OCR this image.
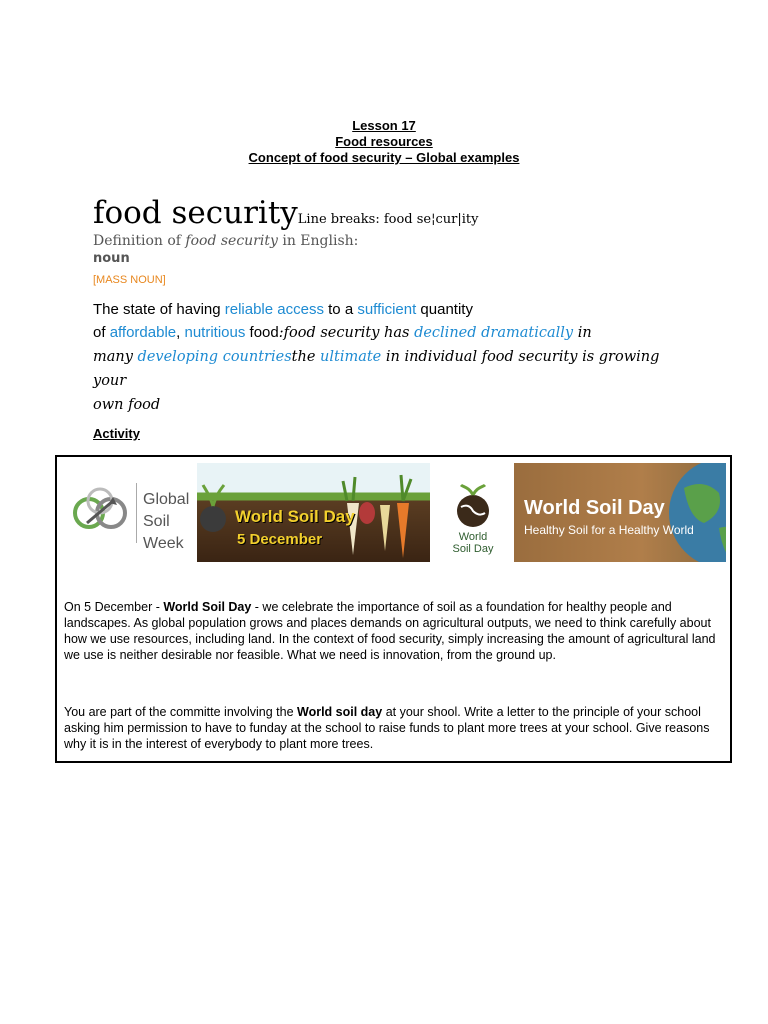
Lesson 17
Food resources
Concept of food security – Global examples
food securityLine breaks: food se¦cur|ity
Definition of food security in English:
noun
[MASS NOUN]
The state of having reliable access to a sufficient quantity
of affordable, nutritious food:food security has declined dramatically in
many developing countriesthe ultimate in individual food security is growing your
own food
Activity
Global
Soil Week
World Soil Day
5 December	World
Soil Day
World Soil Day
Healthy Soil for a Healthy World
On 5 December - World Soil Day - we celebrate the importance of soil as a foundation for healthy people and landscapes. As global population grows and places demands on agricultural outputs, we need to think carefully about how we use resources, including land. In the context of food security, simply increasing the amount of agricultural land we use is neither desirable nor feasible. What we need is innovation, from the ground up.
You are part of the committe involving the World soil day at your shool. Write a letter to the principle of your school asking him permission to have to funday at the school to raise funds to plant more trees at your school. Give reasons why it is in the interest of everybody to plant more trees.
